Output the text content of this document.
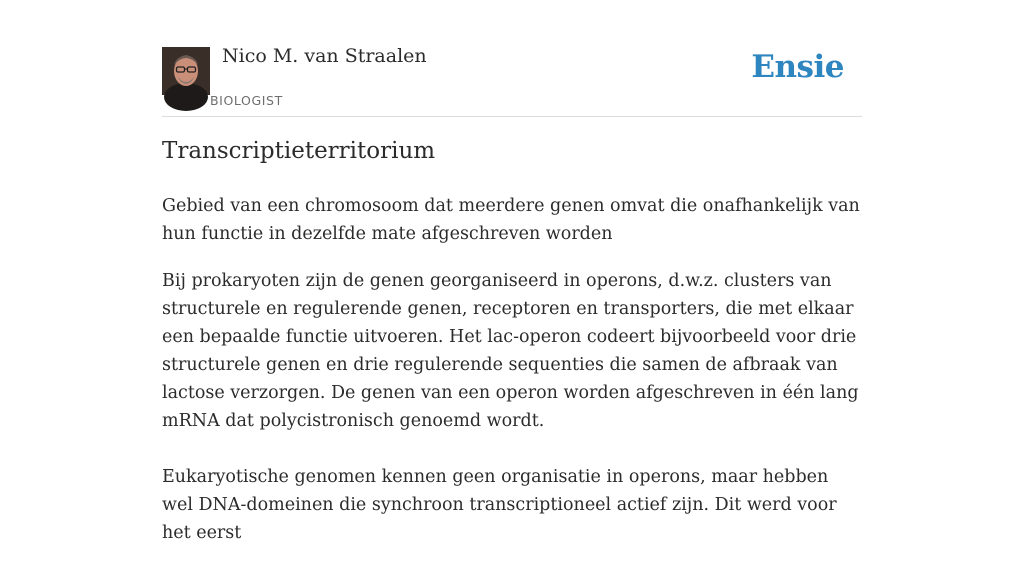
Nico M. van Straalen
BIOLOGIST
Ensie
Transcriptieterritorium

Gebied van een chromosoom dat meerdere genen omvat die onafhankelijk van hun functie in dezelfde mate afgeschreven worden

Bij prokaryoten zijn de genen georganiseerd in operons, d.w.z. clusters van structurele en regulerende genen, receptoren en transporters, die met elkaar een bepaalde functie uitvoeren. Het lac-operon codeert bijvoorbeeld voor drie structurele genen en drie regulerende sequenties die samen de afbraak van lactose verzorgen. De genen van een operon worden afgeschreven in één lang mRNA dat polycistronisch genoemd wordt.

Eukaryotische genomen kennen geen organisatie in operons, maar hebben wel DNA-domeinen die synchroon transcriptioneel actief zijn. Dit werd voor het eerst
